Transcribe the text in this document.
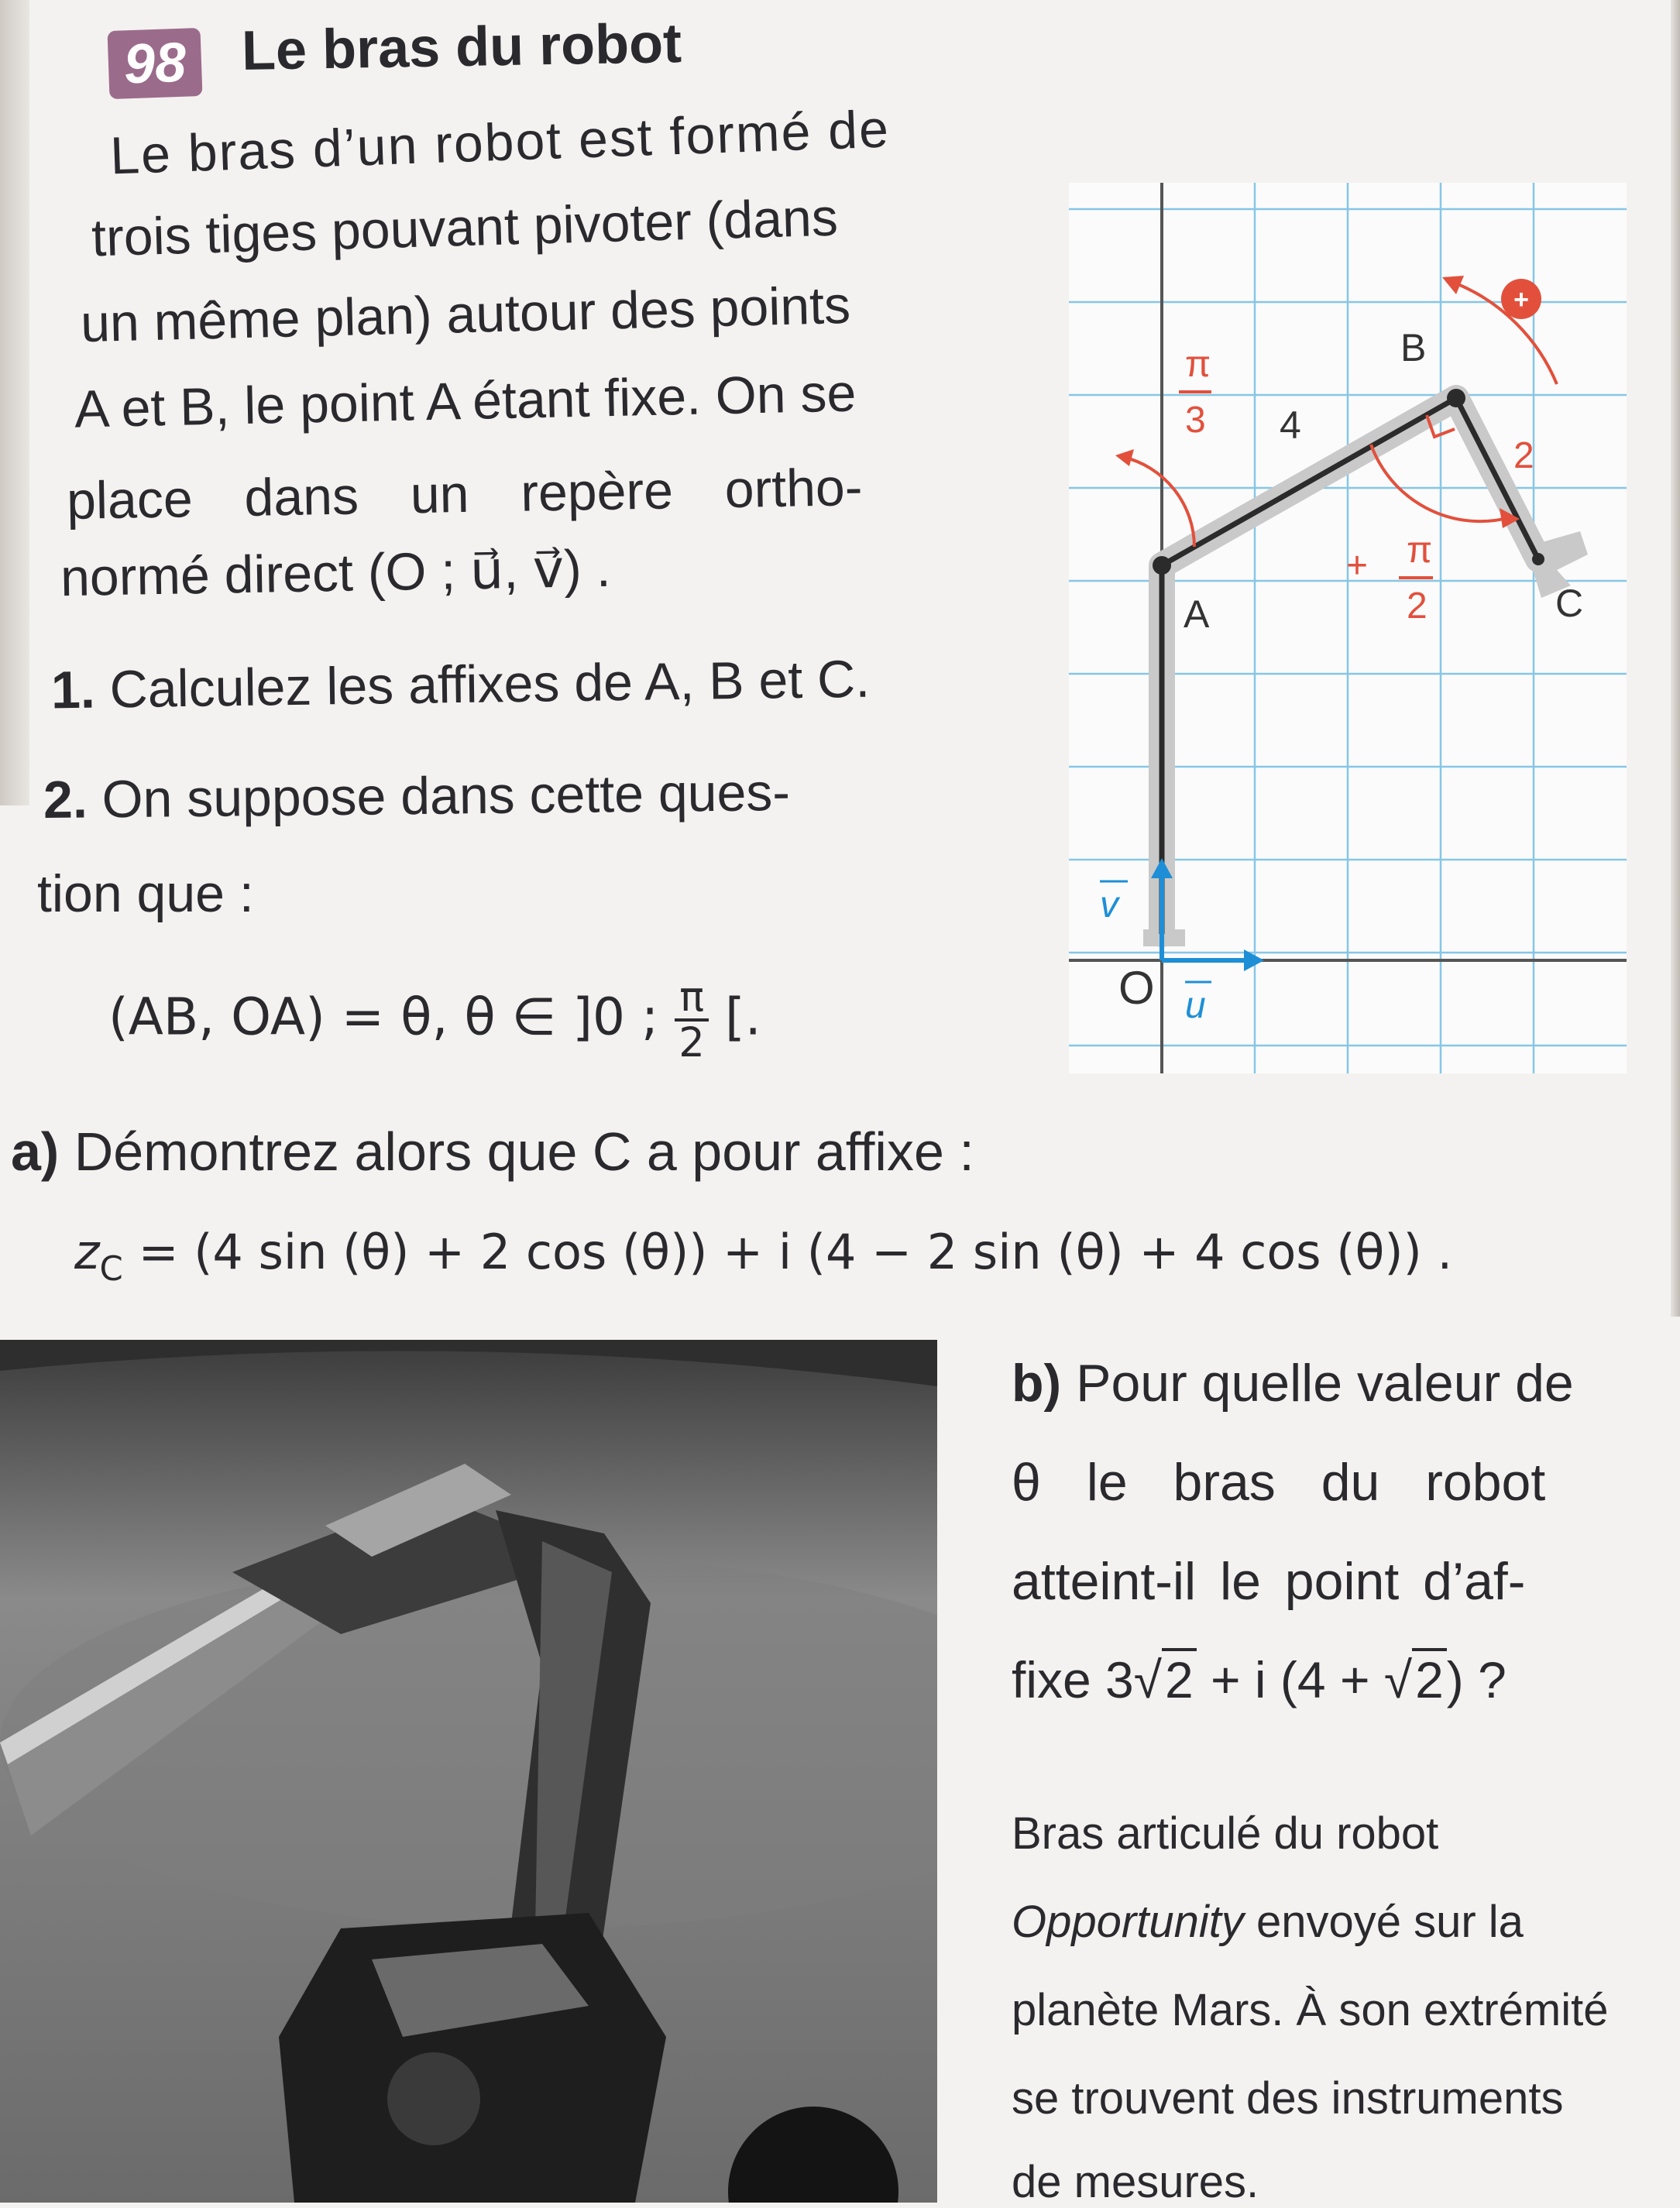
98 Le bras du robot
Le bras d’un robot est formé de
trois tiges pouvant pivoter (dans
un même plan) autour des points
A et B, le point A étant fixe. On se
place dans un repère ortho-
normé direct (O ; u⃗, v⃗) .
1. Calculez les affixes de A, B et C.
2. On suppose dans cette ques-
tion que :
(AB, OA) = θ, θ ∈ ]0 ; $\frac{\pi}{2}$ [.
a) Démontrez alors que C a pour affixe :
$z_C = (4$ sin (θ) + 2 cos (θ)) + i (4 − 2 sin (θ) + 4 cos (θ)) .
b) Pour quelle valeur de
θ le bras du robot
atteint-il le point d’af-
fixe 3√2 + i (4 + √2) ?
Bras articulé du robot
Opportunity envoyé sur la
planète Mars. À son extrémité
se trouvent des instruments
de mesures.
+
B
A	C
4
O
2
π
3
+ π
2
u
v
